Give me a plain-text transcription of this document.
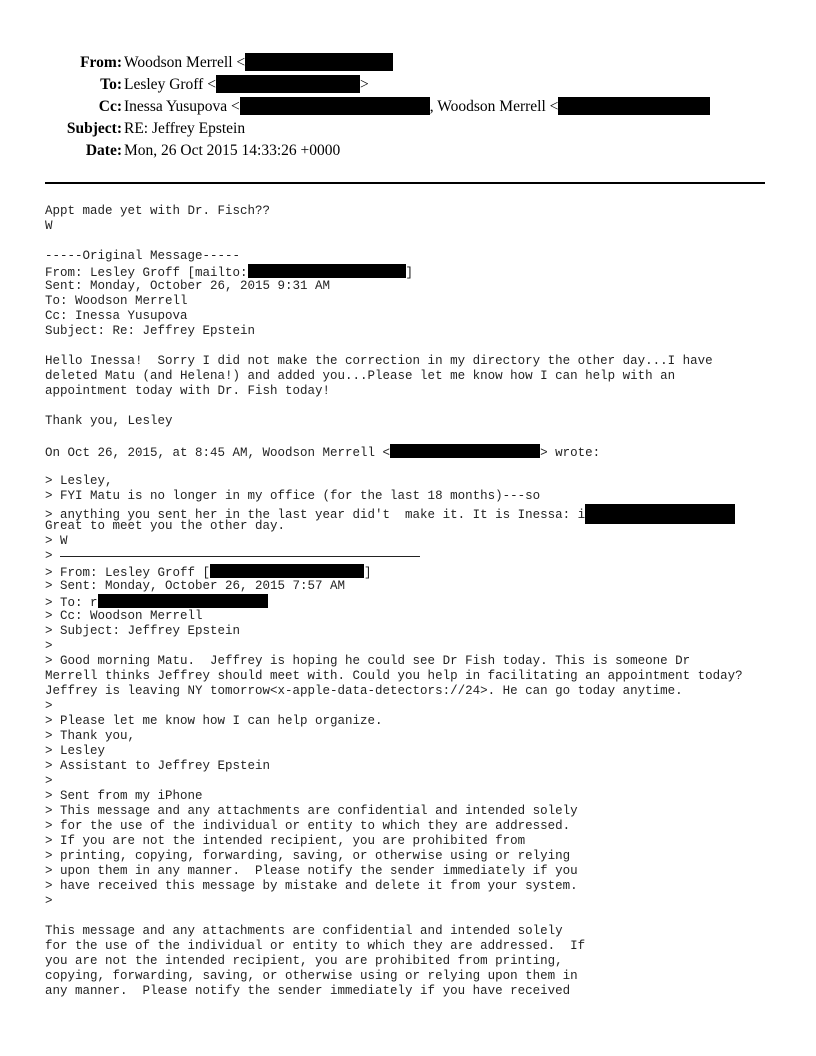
From: Woodson Merrell <
To: Lesley Groff <	>
Cc: Inessa Yusupova <	, Woodson Merrell <
Subject: RE: Jeffrey Epstein
Date: Mon, 26 Oct 2015 14:33:26 +0000
Appt made yet with Dr. Fisch??
W
-----Original Message-----
From: Lesley Groff [mailto:	]
Sent: Monday, October 26, 2015 9:31 AM
To: Woodson Merrell
Cc: Inessa Yusupova
Subject: Re: Jeffrey Epstein
Hello Inessa!  Sorry I did not make the correction in my directory the other day...I have
deleted Matu (and Helena!) and added you...Please let me know how I can help with an
appointment today with Dr. Fish today!
Thank you, Lesley
On Oct 26, 2015, at 8:45 AM, Woodson Merrell <	> wrote:
> Lesley,
> FYI Matu is no longer in my office (for the last 18 months)---so
> anything you sent her in the last year did't  make it. It is Inessa: i
Great to meet you the other day.
> W
>
> From: Lesley Groff [	]
> Sent: Monday, October 26, 2015 7:57 AM
> To: r
> Cc: Woodson Merrell
> Subject: Jeffrey Epstein
>
> Good morning Matu.  Jeffrey is hoping he could see Dr Fish today. This is someone Dr
Merrell thinks Jeffrey should meet with. Could you help in facilitating an appointment today?
Jeffrey is leaving NY tomorrow<x-apple-data-detectors://24>. He can go today anytime.
>
> Please let me know how I can help organize.
> Thank you,
> Lesley
> Assistant to Jeffrey Epstein
>
> Sent from my iPhone
> This message and any attachments are confidential and intended solely
> for the use of the individual or entity to which they are addressed.
> If you are not the intended recipient, you are prohibited from
> printing, copying, forwarding, saving, or otherwise using or relying
> upon them in any manner.  Please notify the sender immediately if you
> have received this message by mistake and delete it from your system.
>
This message and any attachments are confidential and intended solely
for the use of the individual or entity to which they are addressed.  If
you are not the intended recipient, you are prohibited from printing,
copying, forwarding, saving, or otherwise using or relying upon them in
any manner.  Please notify the sender immediately if you have received
